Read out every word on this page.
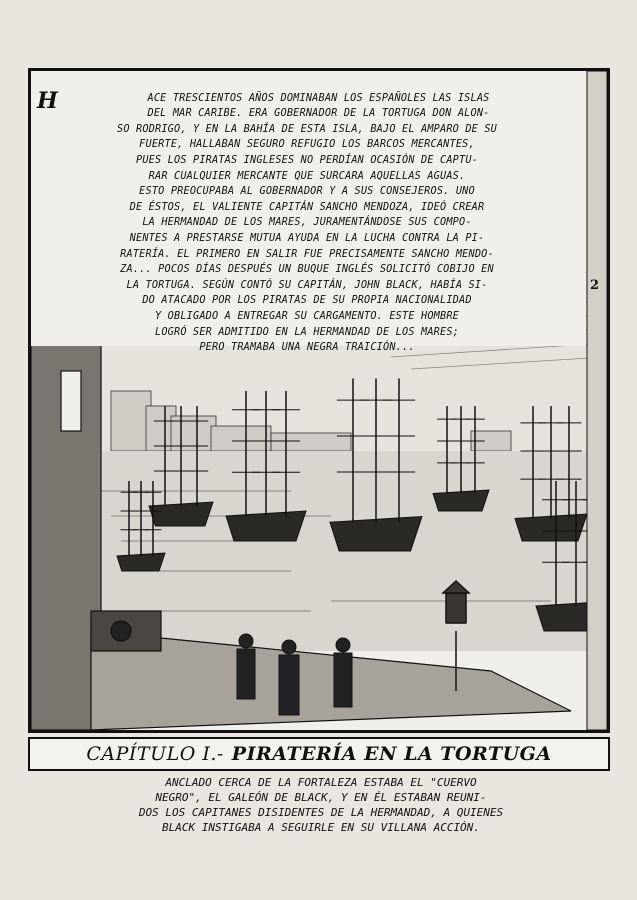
H	ACE TRESCIENTOS AÑOS DOMINABAN LOS ESPAÑOLES LAS ISLAS
DEL MAR CARIBE. ERA GOBERNADOR DE LA TORTUGA DON ALON-
SO RODRIGO, Y EN LA BAHÍA DE ESTA ISLA, BAJO EL AMPARO DE SU
FUERTE, HALLABAN SEGURO REFUGIO LOS BARCOS MERCANTES,
PUES LOS PIRATAS INGLESES NO PERDÍAN OCASIÓN DE CAPTU-
RAR CUALQUIER MERCANTE QUE SURCARA AQUELLAS AGUAS.
ESTO PREOCUPABA AL GOBERNADOR Y A SUS CONSEJEROS. UNO
DE ÉSTOS, EL VALIENTE CAPITÁN SANCHO MENDOZA, IDEÓ CREAR
LA HERMANDAD DE LOS MARES, JURAMENTÁNDOSE SUS COMPO-
NENTES A PRESTARSE MUTUA AYUDA EN LA LUCHA CONTRA LA PI-
RATERÍA. EL PRIMERO EN SALIR FUE PRECISAMENTE SANCHO MENDO-
ZA... POCOS DÍAS DESPUÉS UN BUQUE INGLÉS SOLICITÓ COBIJO EN
LA TORTUGA. SEGÚN CONTÓ SU CAPITÁN, JOHN BLACK, HABÍA SI-
DO ATACADO POR LOS PIRATAS DE SU PROPIA NACIONALIDAD
Y OBLIGADO A ENTREGAR SU CARGAMENTO. ESTE HOMBRE
LOGRÓ SER ADMITIDO EN LA HERMANDAD DE LOS MARES;
PERO TRAMABA UNA NEGRA TRAICIÓN...

2
CAPÍTULO I.- PIRATERÍA EN LA TORTUGA
ANCLADO CERCA DE LA FORTALEZA ESTABA EL "CUERVO
NEGRO", EL GALEÓN DE BLACK, Y EN ÉL ESTABAN REUNI-
DOS LOS CAPITANES DISIDENTES DE LA HERMANDAD, A QUIENES
BLACK INSTIGABA A SEGUIRLE EN SU VILLANA ACCIÓN.
